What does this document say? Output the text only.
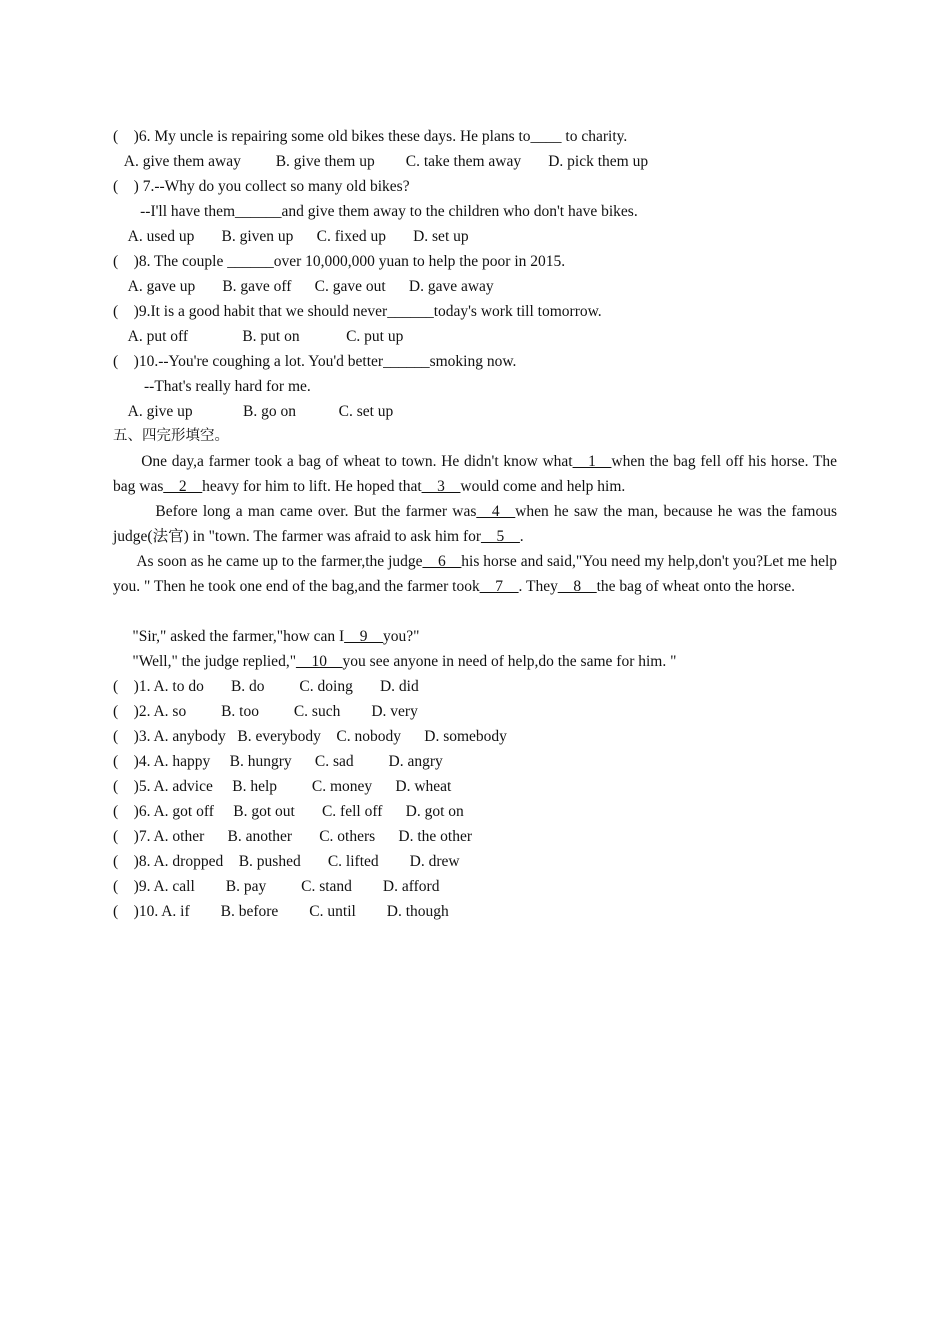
(    )6. My uncle is repairing some old bikes these days. He plans to____ to charity.
A. give them away         B. give them up        C. take them away       D. pick them up
(    ) 7.--Why do you collect so many old bikes?
--I'll have them______and give them away to the children who don't have bikes.
A. used up       B. given up      C. fixed up       D. set up
(    )8. The couple ______over 10,000,000 yuan to help the poor in 2015.
A. gave up       B. gave off      C. gave out      D. gave away
(    )9.It is a good habit that we should never______today's work till tomorrow.
A. put off              B. put on            C. put up
(    )10.--You're coughing a lot. You'd better______smoking now.
--That's really hard for me.
A. give up             B. go on           C. set up
五、四完形填空。
One day,a farmer took a bag of wheat to town. He didn't know what__1__when the bag fell off his horse. The bag was__2__heavy for him to lift. He hoped that__3__would come and help him.
Before long a man came over. But the farmer was__4__when he saw the man, because he was the famous judge(法官) in "town. The farmer was afraid to ask him for__5__.
As soon as he came up to the farmer,the judge__6__his horse and said,"You need my help,don't you?Let me help you. " Then he took one end of the bag,and the farmer took__7__. They__8__the bag of wheat onto the horse.
"Sir," asked the farmer,"how can I__9__you?"
"Well," the judge replied,"__10__you see anyone in need of help,do the same for him. "
(    )1. A. to do       B. do         C. doing       D. did
(    )2. A. so         B. too         C. such        D. very
(    )3. A. anybody   B. everybody    C. nobody      D. somebody
(    )4. A. happy     B. hungry      C. sad         D. angry
(    )5. A. advice     B. help         C. money      D. wheat
(    )6. A. got off     B. got out       C. fell off      D. got on
(    )7. A. other      B. another       C. others      D. the other
(    )8. A. dropped    B. pushed       C. lifted        D. drew
(    )9. A. call        B. pay         C. stand        D. afford
(    )10. A. if        B. before        C. until        D. though
